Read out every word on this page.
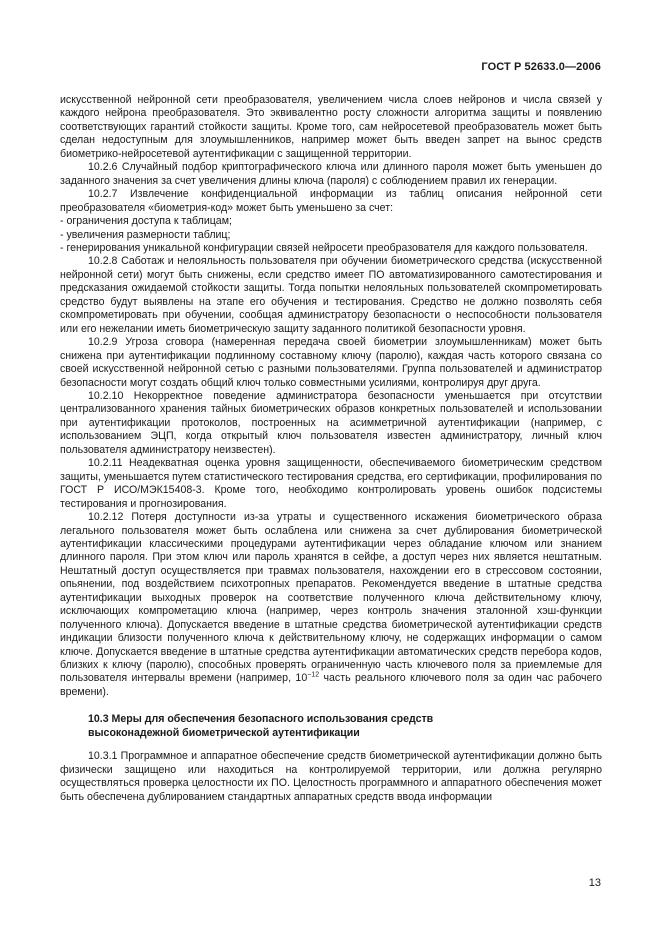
ГОСТ Р 52633.0—2006

искусственной нейронной сети преобразователя, увеличением числа слоев нейронов и числа связей у каждого нейрона преобразователя. Это эквивалентно росту сложности алгоритма защиты и появлению соответствующих гарантий стойкости защиты. Кроме того, сам нейросетевой преобразователь может быть сделан недоступным для злоумышленников, например может быть введен запрет на вынос средств биометрико-нейросетевой аутентификации с защищенной территории.

10.2.6 Случайный подбор криптографического ключа или длинного пароля может быть уменьшен до заданного значения за счет увеличения длины ключа (пароля) с соблюдением правил их генерации.

10.2.7 Извлечение конфиденциальной информации из таблиц описания нейронной сети преобразователя «биометрия-код» может быть уменьшено за счет:

- ограничения доступа к таблицам;

- увеличения размерности таблиц;

- генерирования уникальной конфигурации связей нейросети преобразователя для каждого пользователя.

10.2.8 Саботаж и нелояльность пользователя при обучении биометрического средства (искусственной нейронной сети) могут быть снижены, если средство имеет ПО автоматизированного самотестирования и предсказания ожидаемой стойкости защиты. Тогда попытки нелояльных пользователей скомпрометировать средство будут выявлены на этапе его обучения и тестирования. Средство не должно позволять себя скомпрометировать при обучении, сообщая администратору безопасности о неспособности пользователя или его нежелании иметь биометрическую защиту заданного политикой безопасности уровня.

10.2.9 Угроза сговора (намеренная передача своей биометрии злоумышленникам) может быть снижена при аутентификации подлинному составному ключу (паролю), каждая часть которого связана со своей искусственной нейронной сетью с разными пользователями. Группа пользователей и администратор безопасности могут создать общий ключ только совместными усилиями, контролируя друг друга.

10.2.10 Некорректное поведение администратора безопасности уменьшается при отсутствии централизованного хранения тайных биометрических образов конкретных пользователей и использовании при аутентификации протоколов, построенных на асимметричной аутентификации (например, с использованием ЭЦП, когда открытый ключ пользователя известен администратору, личный ключ пользователя администратору неизвестен).

10.2.11 Неадекватная оценка уровня защищенности, обеспечиваемого биометрическим средством защиты, уменьшается путем статистического тестирования средства, его сертификации, профилирования по ГОСТ Р ИСО/МЭК15408-3. Кроме того, необходимо контролировать уровень ошибок подсистемы тестирования и прогнозирования.

10.2.12 Потеря доступности из-за утраты и существенного искажения биометрического образа легального пользователя может быть ослаблена или снижена за счет дублирования биометрической аутентификации классическими процедурами аутентификации через обладание ключом или знанием длинного пароля. При этом ключ или пароль хранятся в сейфе, а доступ через них является нештатным. Нештатный доступ осуществляется при травмах пользователя, нахождении его в стрессовом состоянии, опьянении, под воздействием психотропных препаратов. Рекомендуется введение в штатные средства аутентификации выходных проверок на соответствие полученного ключа действительному ключу, исключающих компрометацию ключа (например, через контроль значения эталонной хэш-функции полученного ключа). Допускается введение в штатные средства биометрической аутентификации средств индикации близости полученного ключа к действительному ключу, не содержащих информации о самом ключе. Допускается введение в штатные средства аутентификации автоматических средств перебора кодов, близких к ключу (паролю), способных проверять ограниченную часть ключевого поля за приемлемые для пользователя интервалы времени (например, $10^{-12}$ часть реального ключевого поля за один час рабочего времени).

10.3 Меры для обеспечения безопасного использования средств
высоконадежной биометрической аутентификации

10.3.1 Программное и аппаратное обеспечение средств биометрической аутентификации должно быть физически защищено или находиться на контролируемой территории, или должна регулярно осуществляться проверка целостности их ПО. Целостность программного и аппаратного обеспечения может быть обеспечена дублированием стандартных аппаратных средств ввода информации

13
